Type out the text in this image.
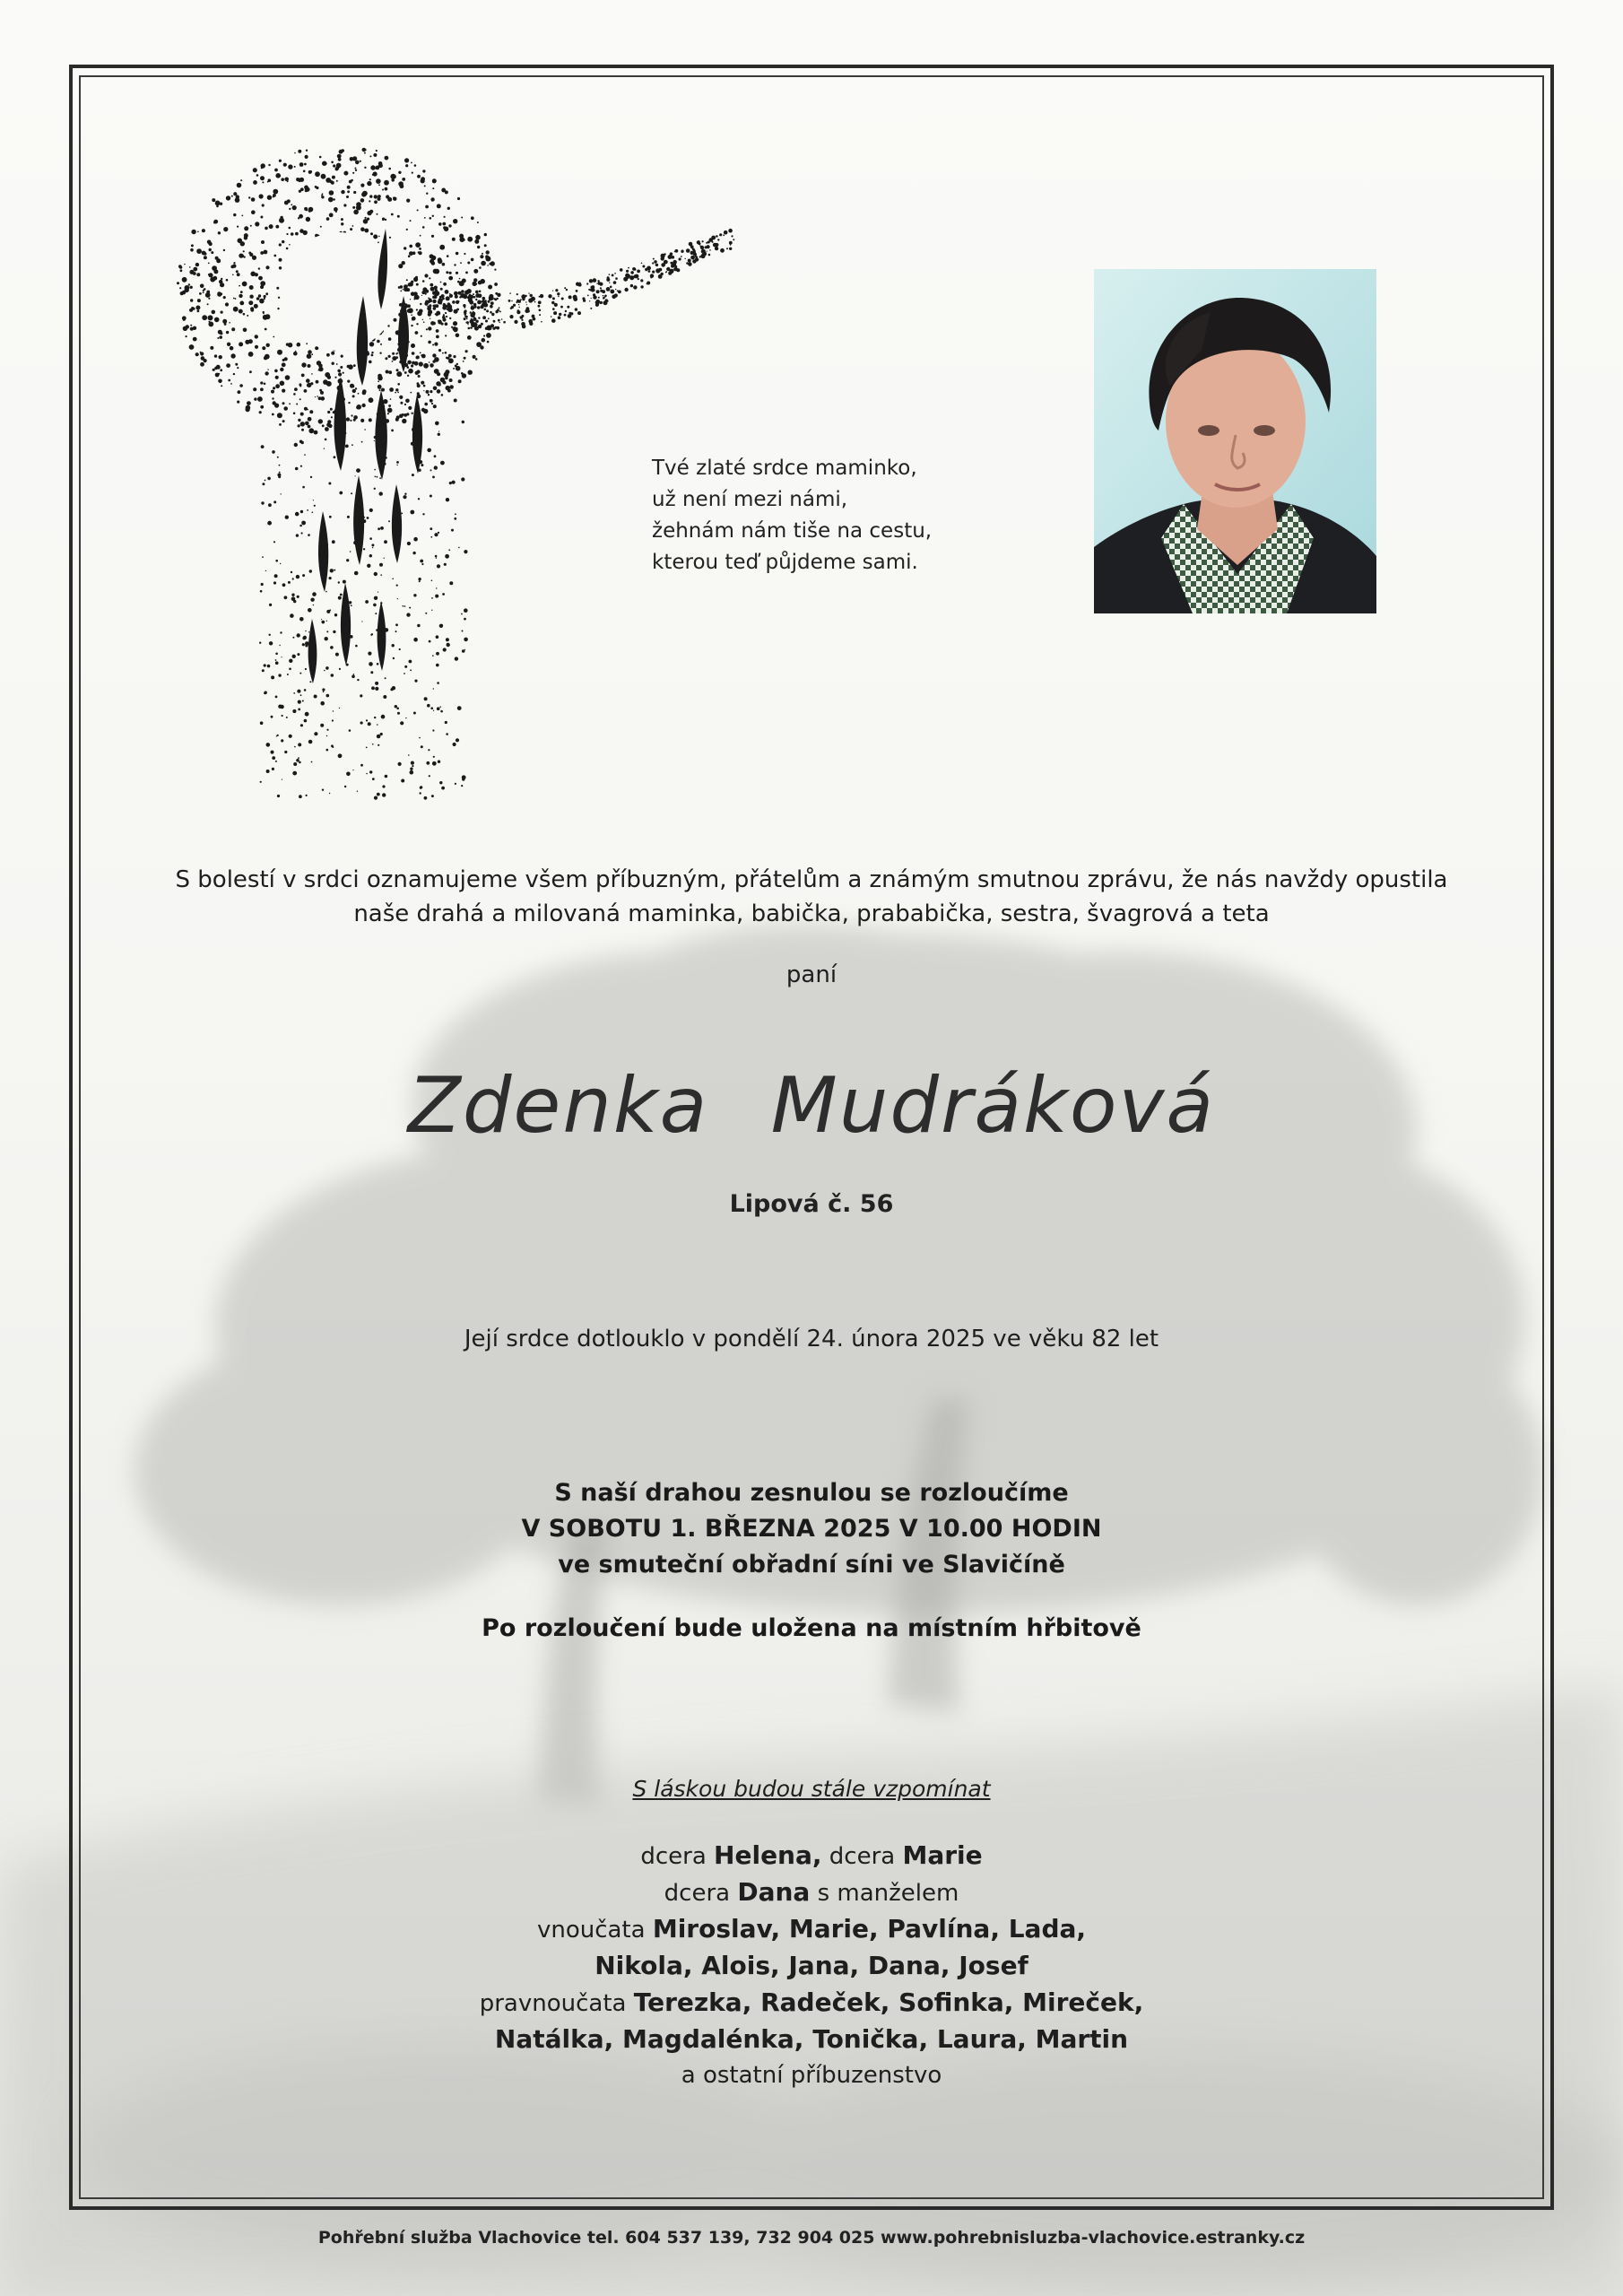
Tvé zlaté srdce maminko,
už není mezi námi,
žehnám nám tiše na cestu,
kterou teď půjdeme sami.
S bolestí v srdci oznamujeme všem příbuzným, přátelům a známým smutnou zprávu, že nás navždy opustila
naše drahá a milovaná maminka, babička, prababička, sestra, švagrová a teta
paní
Zdenka Mudráková
Lipová č. 56
Její srdce dotlouklo v pondělí 24. února 2025 ve věku 82 let
S naší drahou zesnulou se rozloučíme
V SOBOTU 1. BŘEZNA 2025 V 10.00 HODIN
ve smuteční obřadní síni ve Slavičíně
Po rozloučení bude uložena na místním hřbitově
S láskou budou stále vzpomínat
dcera Helena, dcera Marie
dcera Dana s manželem
vnoučata Miroslav, Marie, Pavlína, Lada,
Nikola, Alois, Jana, Dana, Josef
pravnoučata Terezka, Radeček, Sofinka, Mireček,
Natálka, Magdalénka, Tonička, Laura, Martin
a ostatní příbuzenstvo
Pohřební služba Vlachovice tel. 604 537 139, 732 904 025 www.pohrebnisluzba-vlachovice.estranky.cz
